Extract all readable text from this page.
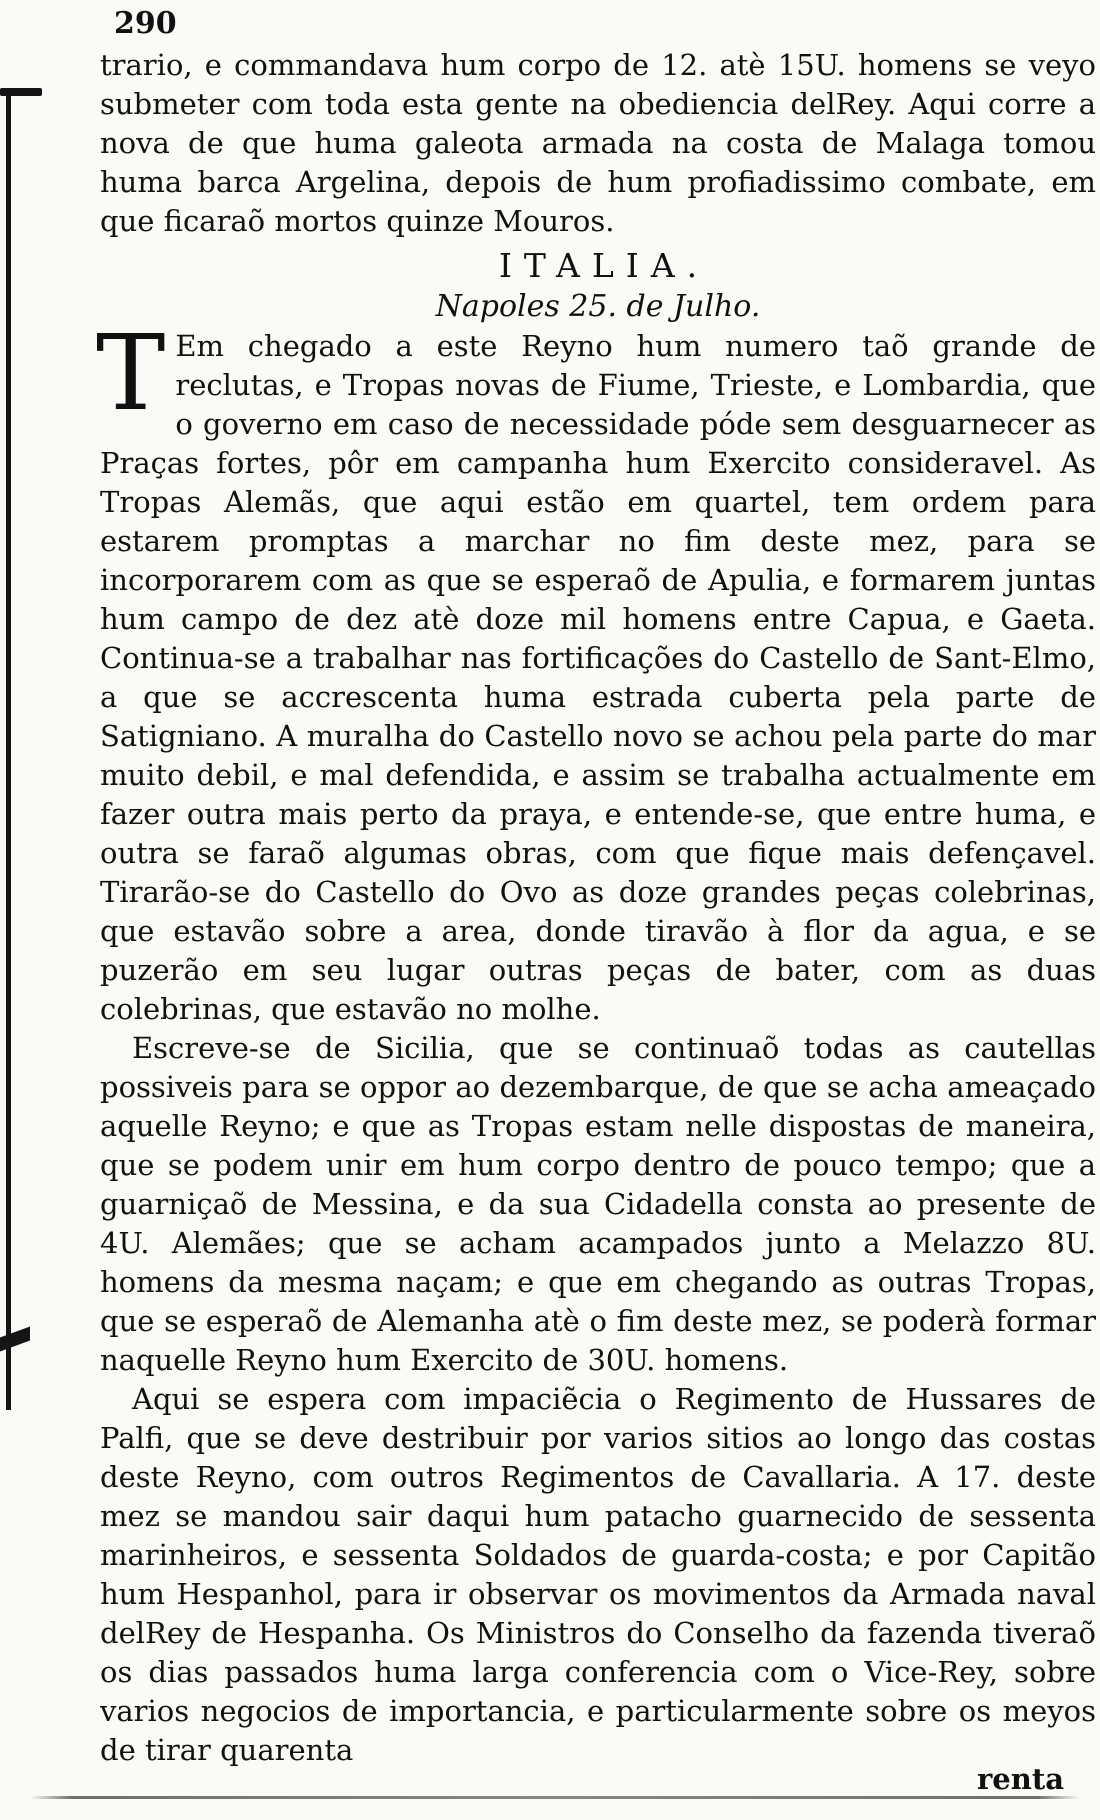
290

trario, e commandava hum corpo de 12. atè 15U. homens se veyo submeter com toda esta gente na obediencia delRey. Aqui corre a nova de que huma galeota armada na costa de Malaga tomou huma barca Argelina, depois de hum profiadissimo combate, em que ficaraõ mortos quinze Mouros.

ITALIA.
Napoles 25. de Julho.

T Em chegado a este Reyno hum numero taõ grande de reclutas, e Tropas novas de Fiume, Trieste, e Lombardia, que o governo em caso de necessidade póde sem desguarnecer as Praças fortes, pôr em campanha hum Exercito consideravel. As Tropas Alemãs, que aqui estão em quartel, tem ordem para estarem promptas a marchar no fim deste mez, para se incorporarem com as que se esperaõ de Apulia, e formarem juntas hum campo de dez atè doze mil homens entre Capua, e Gaeta. Continua-se a trabalhar nas fortificações do Castello de Sant-Elmo, a que se accrescenta huma estrada cuberta pela parte de Satigniano. A muralha do Castello novo se achou pela parte do mar muito debil, e mal defendida, e assim se trabalha actualmente em fazer outra mais perto da praya, e entende-se, que entre huma, e outra se faraõ algumas obras, com que fique mais defençavel. Tirarão-se do Castello do Ovo as doze grandes peças colebrinas, que estavão sobre a area, donde tiravão à flor da agua, e se puzerão em seu lugar outras peças de bater, com as duas colebrinas, que estavão no molhe.

Escreve-se de Sicilia, que se continuaõ todas as cautellas possiveis para se oppor ao dezembarque, de que se acha ameaçado aquelle Reyno; e que as Tropas estam nelle dispostas de maneira, que se podem unir em hum corpo dentro de pouco tempo; que a guarniçaõ de Messina, e da sua Cidadella consta ao presente de 4U. Alemães; que se acham acampados junto a Melazzo 8U. homens da mesma naçam; e que em chegando as outras Tropas, que se esperaõ de Alemanha atè o fim deste mez, se poderà formar naquelle Reyno hum Exercito de 30U. homens.

Aqui se espera com impaciẽcia o Regimento de Hussares de Palfi, que se deve destribuir por varios sitios ao longo das costas deste Reyno, com outros Regimentos de Cavallaria. A 17. deste mez se mandou sair daqui hum patacho guarnecido de sessenta marinheiros, e sessenta Soldados de guarda-costa; e por Capitão hum Hespanhol, para ir observar os movimentos da Armada naval delRey de Hespanha. Os Ministros do Conselho da fazenda tiveraõ os dias passados huma larga conferencia com o Vice-Rey, sobre varios negocios de importancia, e particularmente sobre os meyos de tirar quarenta

renta
